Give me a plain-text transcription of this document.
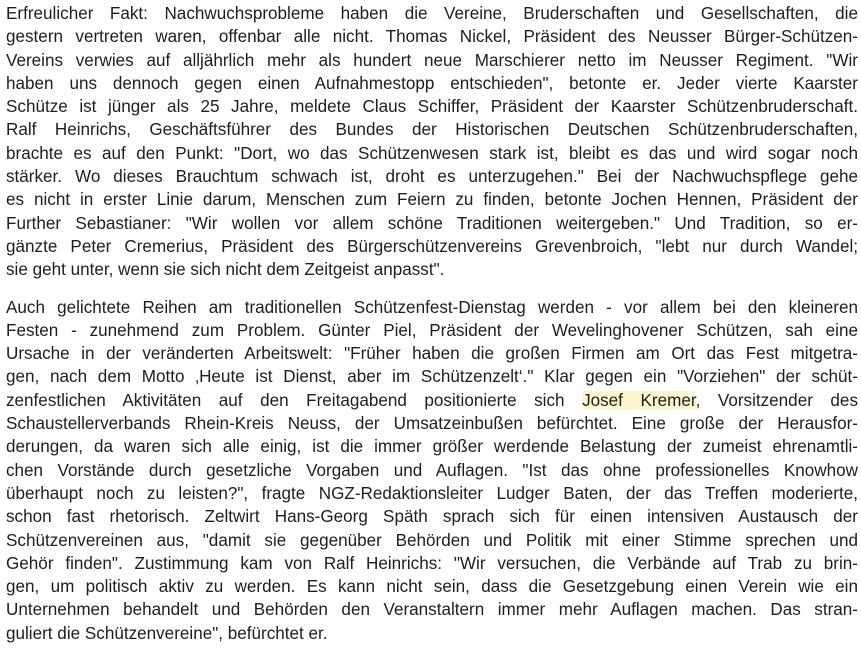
Erfreulicher Fakt: Nachwuchsprobleme haben die Vereine, Bruderschaften und Gesellschaften, die
gestern vertreten waren, offenbar alle nicht. Thomas Nickel, Präsident des Neusser Bürger-Schützen-
Vereins verwies auf alljährlich mehr als hundert neue Marschierer netto im Neusser Regiment. "Wir
haben uns dennoch gegen einen Aufnahmestopp entschieden", betonte er. Jeder vierte Kaarster
Schütze ist jünger als 25 Jahre, meldete Claus Schiffer, Präsident der Kaarster Schützenbruderschaft.
Ralf Heinrichs, Geschäftsführer des Bundes der Historischen Deutschen Schützenbruderschaften,
brachte es auf den Punkt: "Dort, wo das Schützenwesen stark ist, bleibt es das und wird sogar noch
stärker. Wo dieses Brauchtum schwach ist, droht es unterzugehen." Bei der Nachwuchspflege gehe
es nicht in erster Linie darum, Menschen zum Feiern zu finden, betonte Jochen Hennen, Präsident der
Further Sebastianer: "Wir wollen vor allem schöne Traditionen weitergeben." Und Tradition, so er-
gänzte Peter Cremerius, Präsident des Bürgerschützenvereins Grevenbroich, "lebt nur durch Wandel;
sie geht unter, wenn sie sich nicht dem Zeitgeist anpasst".
Auch gelichtete Reihen am traditionellen Schützenfest-Dienstag werden - vor allem bei den kleineren
Festen - zunehmend zum Problem. Günter Piel, Präsident der Wevelinghovener Schützen, sah eine
Ursache in der veränderten Arbeitswelt: "Früher haben die großen Firmen am Ort das Fest mitgetra-
gen, nach dem Motto ‚Heute ist Dienst, aber im Schützenzelt‘." Klar gegen ein "Vorziehen" der schüt-
zenfestlichen Aktivitäten auf den Freitagabend positionierte sich Josef Kremer, Vorsitzender des
Schaustellerverbands Rhein-Kreis Neuss, der Umsatzeinbußen befürchtet. Eine große der Herausfor-
derungen, da waren sich alle einig, ist die immer größer werdende Belastung der zumeist ehrenamtli-
chen Vorstände durch gesetzliche Vorgaben und Auflagen. "Ist das ohne professionelles Knowhow
überhaupt noch zu leisten?", fragte NGZ-Redaktionsleiter Ludger Baten, der das Treffen moderierte,
schon fast rhetorisch. Zeltwirt Hans-Georg Späth sprach sich für einen intensiven Austausch der
Schützenvereinen aus, "damit sie gegenüber Behörden und Politik mit einer Stimme sprechen und
Gehör finden". Zustimmung kam von Ralf Heinrichs: "Wir versuchen, die Verbände auf Trab zu brin-
gen, um politisch aktiv zu werden. Es kann nicht sein, dass die Gesetzgebung einen Verein wie ein
Unternehmen behandelt und Behörden den Veranstaltern immer mehr Auflagen machen. Das stran-
guliert die Schützenvereine", befürchtet er.
